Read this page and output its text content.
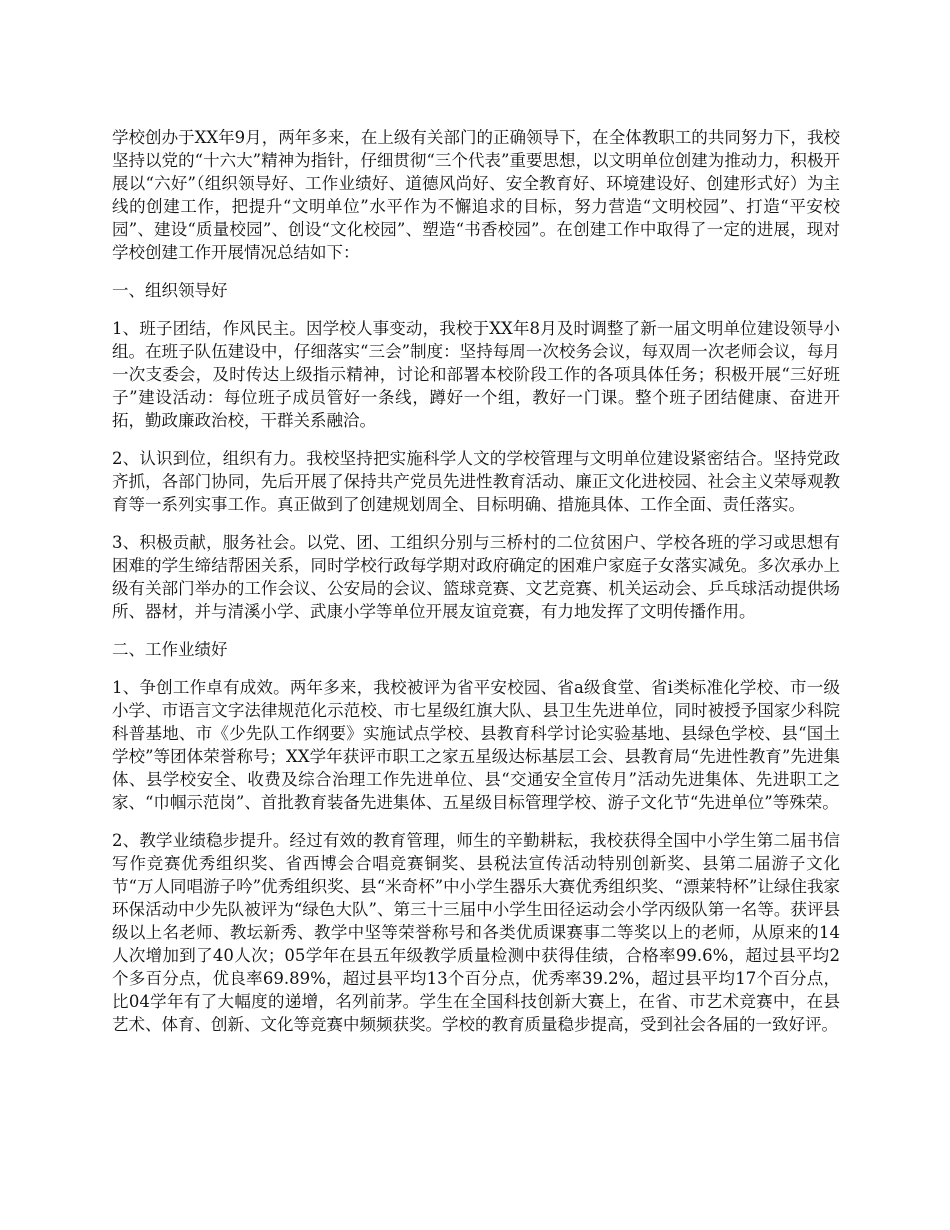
学校创办于XX年9月，两年多来，在上级有关部门的正确领导下，在全体教职工的共同努力下，我校坚持以党的“十六大”精神为指针，仔细贯彻“三个代表”重要思想，以文明单位创建为推动力，积极开展以“六好”（组织领导好、工作业绩好、道德风尚好、安全教育好、环境建设好、创建形式好）为主线的创建工作，把提升“文明单位”水平作为不懈追求的目标，努力营造“文明校园”、打造“平安校园”、建设“质量校园”、创设“文化校园”、塑造“书香校园”。在创建工作中取得了一定的进展，现对学校创建工作开展情况总结如下：

一、组织领导好

1、班子团结，作风民主。因学校人事变动，我校于XX年8月及时调整了新一届文明单位建设领导小组。在班子队伍建设中，仔细落实“三会”制度：坚持每周一次校务会议，每双周一次老师会议，每月一次支委会，及时传达上级指示精神，讨论和部署本校阶段工作的各项具体任务；积极开展“三好班子”建设活动：每位班子成员管好一条线，蹲好一个组，教好一门课。整个班子团结健康、奋进开拓，勤政廉政治校，干群关系融洽。

2、认识到位，组织有力。我校坚持把实施科学人文的学校管理与文明单位建设紧密结合。坚持党政齐抓，各部门协同，先后开展了保持共产党员先进性教育活动、廉正文化进校园、社会主义荣辱观教育等一系列实事工作。真正做到了创建规划周全、目标明确、措施具体、工作全面、责任落实。

3、积极贡献，服务社会。以党、团、工组织分别与三桥村的二位贫困户、学校各班的学习或思想有困难的学生缔结帮困关系，同时学校行政每学期对政府确定的困难户家庭子女落实减免。多次承办上级有关部门举办的工作会议、公安局的会议、篮球竞赛、文艺竞赛、机关运动会、乒乓球活动提供场所、器材，并与清溪小学、武康小学等单位开展友谊竞赛，有力地发挥了文明传播作用。

二、工作业绩好

1、争创工作卓有成效。两年多来，我校被评为省平安校园、省a级食堂、省i类标准化学校、市一级小学、市语言文字法律规范化示范校、市七星级红旗大队、县卫生先进单位，同时被授予国家少科院科普基地、市《少先队工作纲要》实施试点学校、县教育科学讨论实验基地、县绿色学校、县“国土学校”等团体荣誉称号；XX学年获评市职工之家五星级达标基层工会、县教育局“先进性教育”先进集体、县学校安全、收费及综合治理工作先进单位、县“交通安全宣传月”活动先进集体、先进职工之家、“巾帼示范岗”、首批教育装备先进集体、五星级目标管理学校、游子文化节“先进单位”等殊荣。

2、教学业绩稳步提升。经过有效的教育管理，师生的辛勤耕耘，我校获得全国中小学生第二届书信写作竞赛优秀组织奖、省西博会合唱竞赛铜奖、县税法宣传活动特别创新奖、县第二届游子文化节“万人同唱游子吟”优秀组织奖、县“米奇杯”中小学生器乐大赛优秀组织奖、“漂莱特杯”让绿住我家环保活动中少先队被评为“绿色大队”、第三十三届中小学生田径运动会小学丙级队第一名等。获评县级以上名老师、教坛新秀、教学中坚等荣誉称号和各类优质课赛事二等奖以上的老师，从原来的14人次增加到了40人次；05学年在县五年级教学质量检测中获得佳绩，合格率99.6%，超过县平均2个多百分点，优良率69.89%，超过县平均13个百分点，优秀率39.2%，超过县平均17个百分点，比04学年有了大幅度的递增，名列前茅。学生在全国科技创新大赛上，在省、市艺术竞赛中，在县艺术、体育、创新、文化等竞赛中频频获奖。学校的教育质量稳步提高，受到社会各届的一致好评。
